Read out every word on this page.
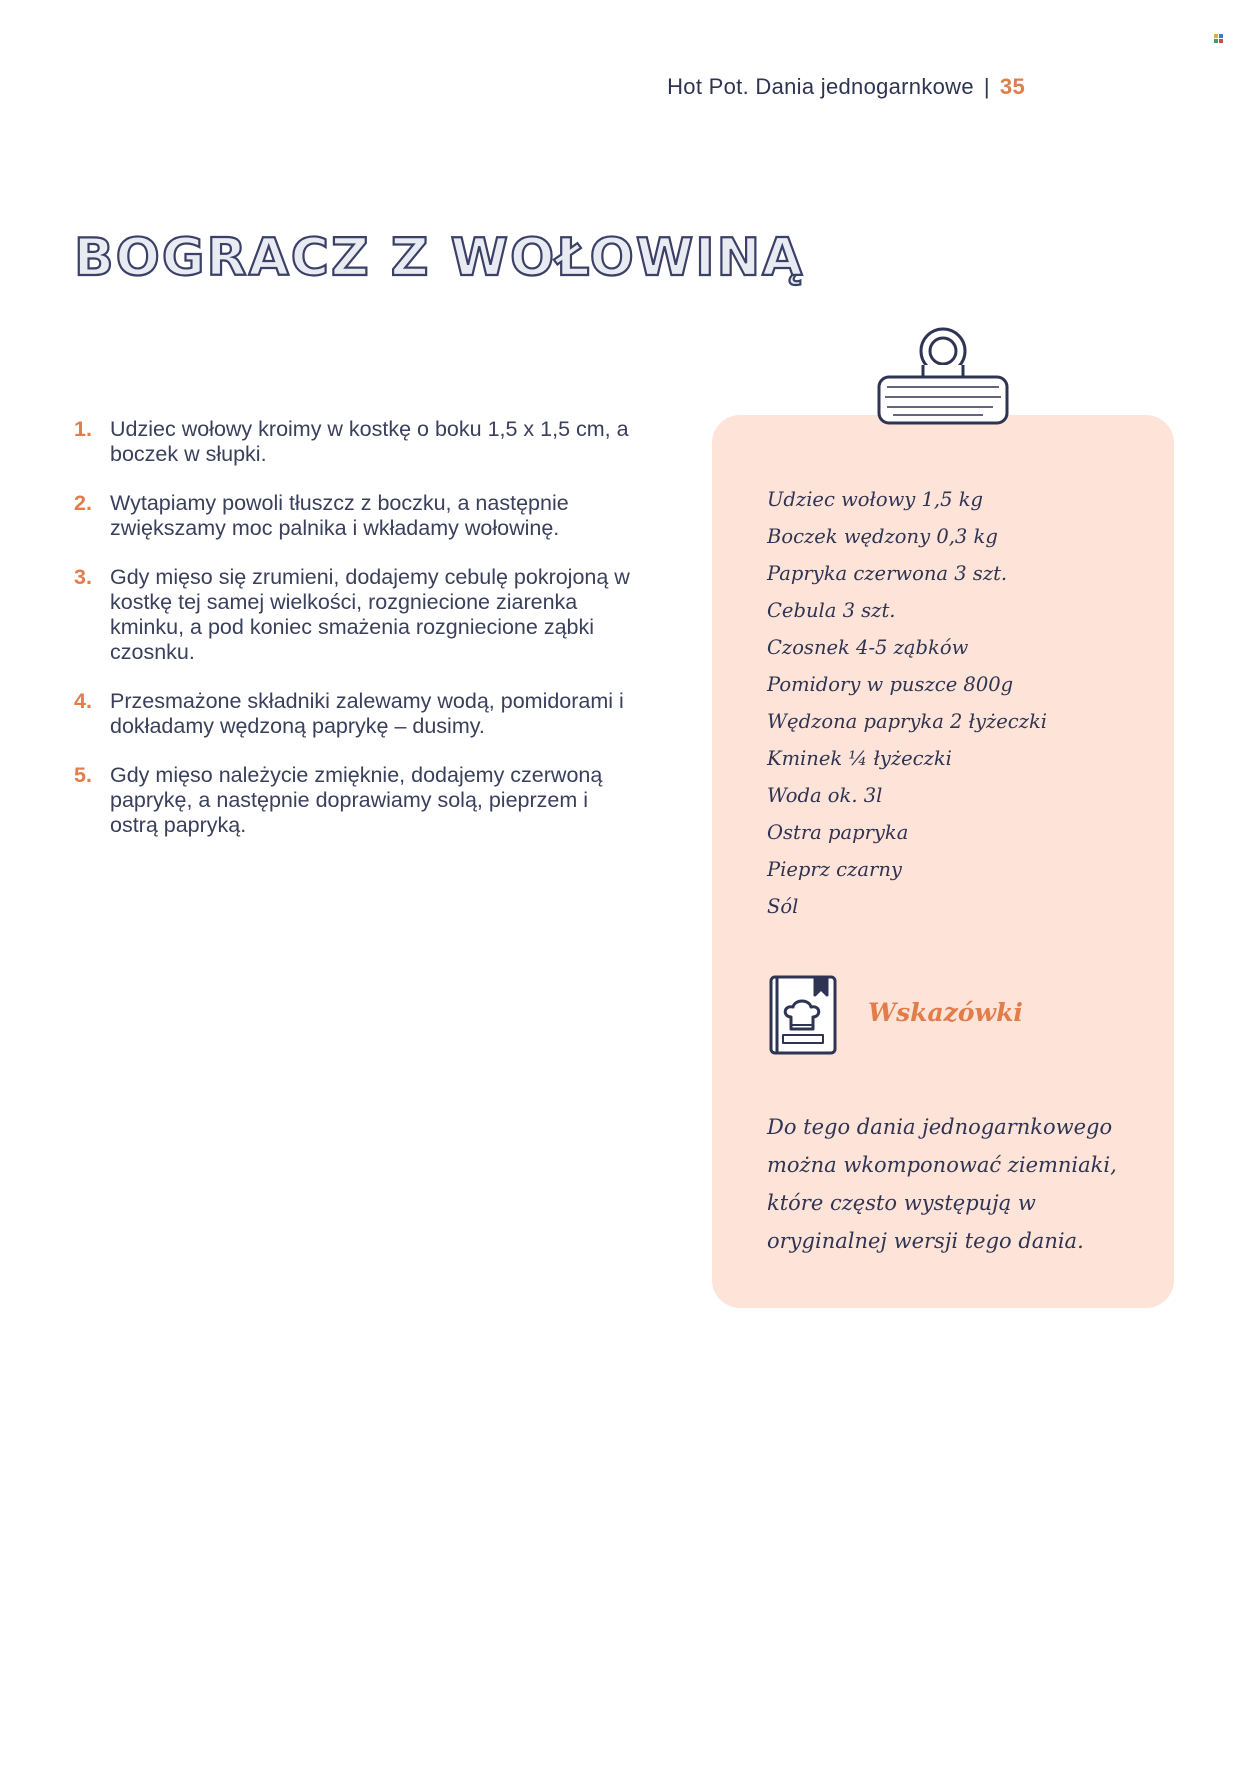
Hot Pot. Dania jednogarnkowe | 35
BOGRACZ Z WOŁOWINĄ
1. Udziec wołowy kroimy w kostkę o boku 1,5 x 1,5 cm, a boczek w słupki.
2. Wytapiamy powoli tłuszcz z boczku, a następnie zwiększamy moc palnika i wkładamy wołowinę.
3. Gdy mięso się zrumieni, dodajemy cebulę pokrojoną w kostkę tej samej wielkości, rozgniecione ziarenka kminku, a pod koniec smażenia rozgniecione ząbki czosnku.
4. Przesmażone składniki zalewamy wodą, pomidorami i dokładamy wędzoną paprykę – dusimy.
5. Gdy mięso należycie zmięknie, dodajemy czerwoną paprykę, a następnie doprawiamy solą, pieprzem i ostrą papryką.
Udziec wołowy 1,5 kg
Boczek wędzony 0,3 kg
Papryka czerwona 3 szt.
Cebula 3 szt.
Czosnek 4-5 ząbków
Pomidory w puszce 800g
Wędzona papryka 2 łyżeczki
Kminek ¼ łyżeczki
Woda ok. 3l
Ostra papryka
Pieprz czarny
Sól
Wskazówki
Do tego dania jednogarnkowego można wkomponować ziemniaki, które często występują w oryginalnej wersji tego dania.
